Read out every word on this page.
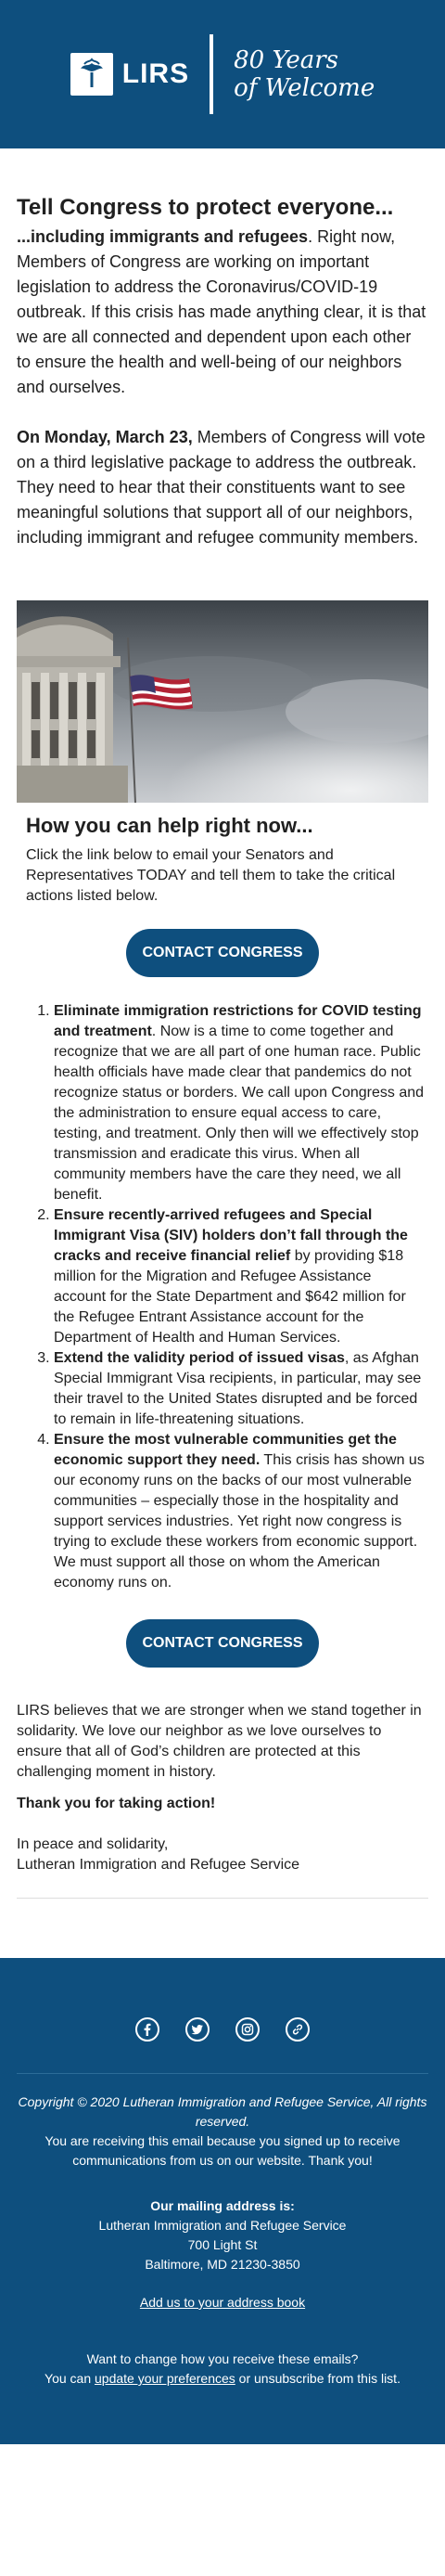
LIRS 80 Years
of Welcome
Tell Congress to protect everyone...

...including immigrants and refugees. Right now, Members of Congress are working on important legislation to address the Coronavirus/COVID-19 outbreak. If this crisis has made anything clear, it is that we are all connected and dependent upon each other to ensure the health and well-being of our neighbors and ourselves.

On Monday, March 23, Members of Congress will vote on a third legislative package to address the outbreak. They need to hear that their constituents want to see meaningful solutions that support all of our neighbors, including immigrant and refugee community members.

How you can help right now...

Click the link below to email your Senators and Representatives TODAY and tell them to take the critical actions listed below.

CONTACT CONGRESS
1. Eliminate immigration restrictions for COVID testing and treatment. Now is a time to come together and recognize that we are all part of one human race. Public health officials have made clear that pandemics do not recognize status or borders. We call upon Congress and the administration to ensure equal access to care, testing, and treatment. Only then will we effectively stop transmission and eradicate this virus. When all community members have the care they need, we all benefit.
2. Ensure recently-arrived refugees and Special Immigrant Visa (SIV) holders don’t fall through the cracks and receive financial relief by providing $18 million for the Migration and Refugee Assistance account for the State Department and $642 million for the Refugee Entrant Assistance account for the Department of Health and Human Services.
3. Extend the validity period of issued visas, as Afghan Special Immigrant Visa recipients, in particular, may see their travel to the United States disrupted and be forced to remain in life-threatening situations.
4. Ensure the most vulnerable communities get the economic support they need. This crisis has shown us our economy runs on the backs of our most vulnerable communities – especially those in the hospitality and support services industries. Yet right now congress is trying to exclude these workers from economic support. We must support all those on whom the American economy runs on.
CONTACT CONGRESS

LIRS believes that we are stronger when we stand together in solidarity. We love our neighbor as we love ourselves to ensure that all of God’s children are protected at this challenging moment in history.

Thank you for taking action!

In peace and solidarity,
Lutheran Immigration and Refugee Service

Copyright © 2020 Lutheran Immigration and Refugee Service, All rights reserved.

You are receiving this email because you signed up to receive communications from us on our website. Thank you!

Our mailing address is:

Lutheran Immigration and Refugee Service

700 Light St

Baltimore, MD 21230-3850

Add us to your address book

Want to change how you receive these emails?

You can update your preferences or unsubscribe from this list.
